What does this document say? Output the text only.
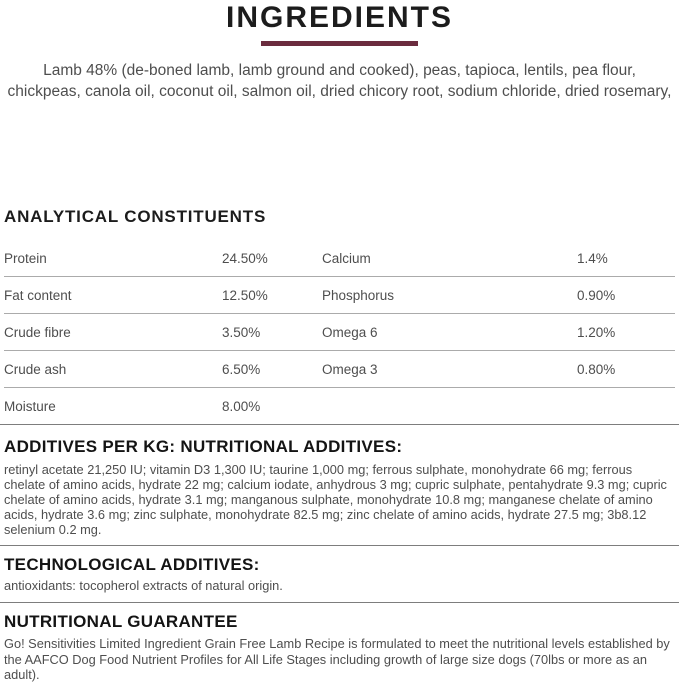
INGREDIENTS

Lamb 48% (de-boned lamb, lamb ground and cooked), peas, tapioca, lentils, pea flour, chickpeas, canola oil, coconut oil, salmon oil, dried chicory root, sodium chloride, dried rosemary,

ANALYTICAL CONSTITUENTS
Protein	24.50%	Calcium	1.4%
Fat content	12.50%	Phosphorus	0.90%
Crude fibre	3.50%	Omega 6	1.20%
Crude ash	6.50%	Omega 3	0.80%
Moisture	8.00%
ADDITIVES PER KG: NUTRITIONAL ADDITIVES:

retinyl acetate 21,250 IU; vitamin D3 1,300 IU; taurine 1,000 mg; ferrous sulphate, monohydrate 66 mg; ferrous chelate of amino acids, hydrate 22 mg; calcium iodate, anhydrous 3 mg; cupric sulphate, pentahydrate 9.3 mg; cupric chelate of amino acids, hydrate 3.1 mg; manganous sulphate, monohydrate 10.8 mg; manganese chelate of amino acids, hydrate 3.6 mg; zinc sulphate, monohydrate 82.5 mg; zinc chelate of amino acids, hydrate 27.5 mg; 3b8.12 selenium 0.2 mg.

TECHNOLOGICAL ADDITIVES:

antioxidants: tocopherol extracts of natural origin.

NUTRITIONAL GUARANTEE

Go! Sensitivities Limited Ingredient Grain Free Lamb Recipe is formulated to meet the nutritional levels established by the AAFCO Dog Food Nutrient Profiles for All Life Stages including growth of large size dogs (70lbs or more as an adult).
